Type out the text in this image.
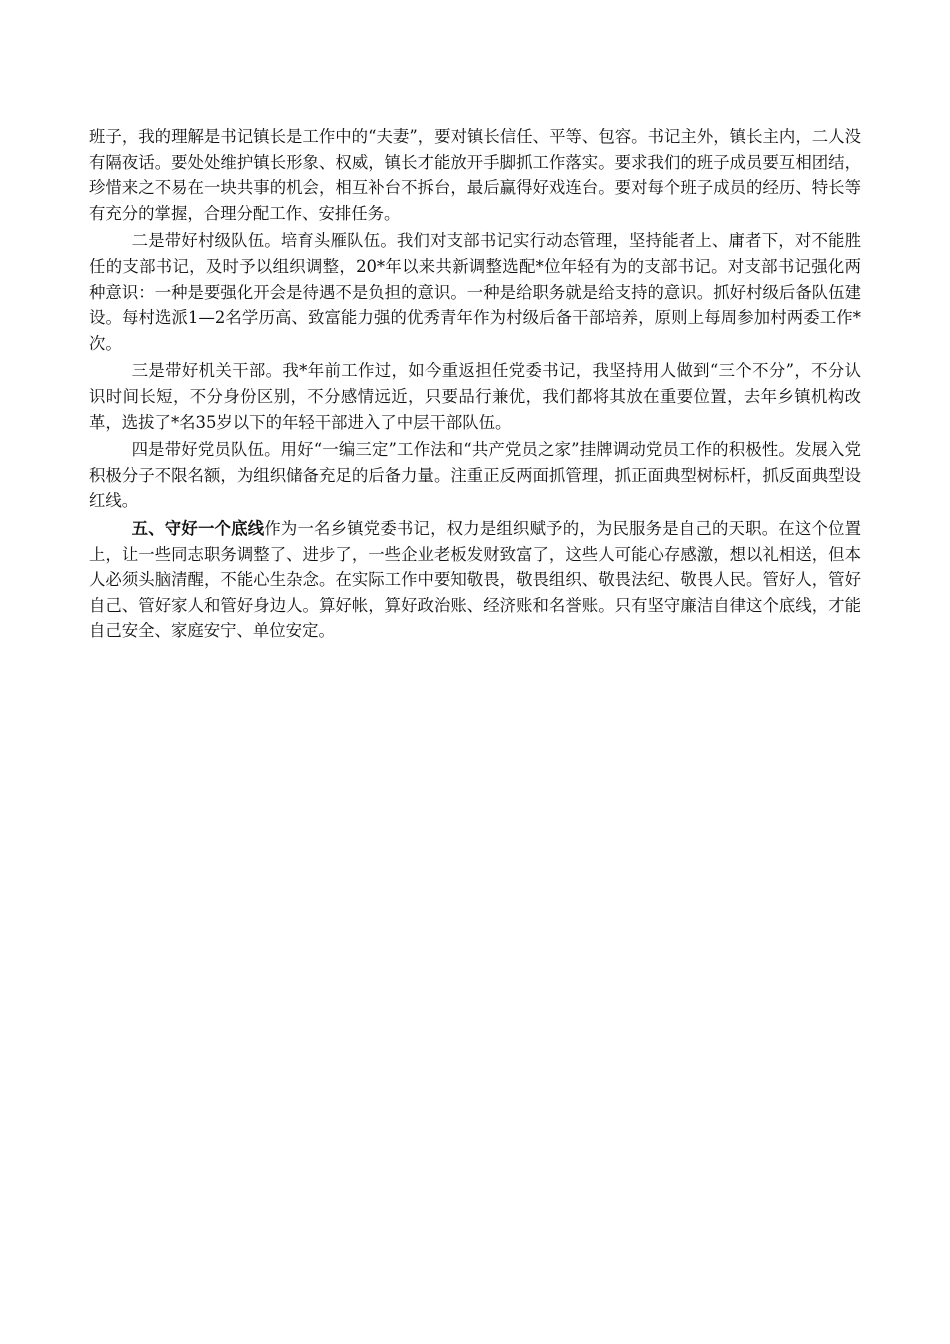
班子，我的理解是书记镇长是工作中的“夫妻”，要对镇长信任、平等、包容。书记主外，镇长主内，二人没有隔夜话。要处处维护镇长形象、权威，镇长才能放开手脚抓工作落实。要求我们的班子成员要互相团结，珍惜来之不易在一块共事的机会，相互补台不拆台，最后赢得好戏连台。要对每个班子成员的经历、特长等有充分的掌握，合理分配工作、安排任务。

二是带好村级队伍。培育头雁队伍。我们对支部书记实行动态管理，坚持能者上、庸者下，对不能胜任的支部书记，及时予以组织调整，20*年以来共新调整选配*位年轻有为的支部书记。对支部书记强化两种意识：一种是要强化开会是待遇不是负担的意识。一种是给职务就是给支持的意识。抓好村级后备队伍建设。每村选派1—2名学历高、致富能力强的优秀青年作为村级后备干部培养，原则上每周参加村两委工作*次。

三是带好机关干部。我*年前工作过，如今重返担任党委书记，我坚持用人做到“三个不分”，不分认识时间长短，不分身份区别，不分感情远近，只要品行兼优，我们都将其放在重要位置，去年乡镇机构改革，选拔了*名35岁以下的年轻干部进入了中层干部队伍。

四是带好党员队伍。用好“一编三定”工作法和“共产党员之家”挂牌调动党员工作的积极性。发展入党积极分子不限名额，为组织储备充足的后备力量。注重正反两面抓管理，抓正面典型树标杆，抓反面典型设红线。

五、守好一个底线作为一名乡镇党委书记，权力是组织赋予的，为民服务是自己的天职。在这个位置上，让一些同志职务调整了、进步了，一些企业老板发财致富了，这些人可能心存感激，想以礼相送，但本人必须头脑清醒，不能心生杂念。在实际工作中要知敬畏，敬畏组织、敬畏法纪、敬畏人民。管好人，管好自己、管好家人和管好身边人。算好帐，算好政治账、经济账和名誉账。只有坚守廉洁自律这个底线，才能自己安全、家庭安宁、单位安定。
